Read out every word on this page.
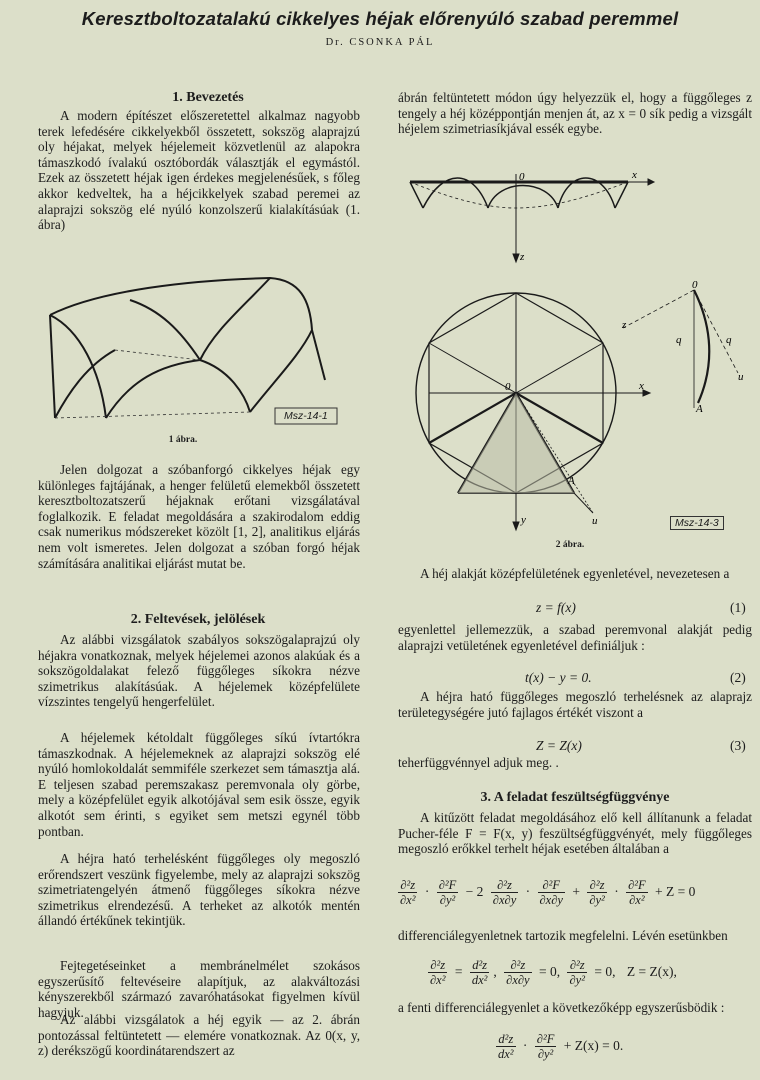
Keresztboltozatalakú cikkelyes héjak előrenyúló szabad peremmel
Dr. CSONKA PÁL
1. Bevezetés

A modern építészet előszeretettel alkalmaz nagyobb terek lefedésére cikkelyekből összetett, sokszög alaprajzú oly héjakat, melyek héjelemeit közvetlenül az alapokra támaszkodó ívalakú osztóbordák választják el egymástól. Ezek az összetett héjak igen érdekes megjelenésűek, s főleg akkor kedveltek, ha a héjcikkelyek szabad peremei az alaprajzi sokszög elé nyúló konzolszerű kialakításúak (1. ábra)

Msz-14-1
1 ábra.

Jelen dolgozat a szóbanforgó cikkelyes héjak egy különleges fajtájának, a henger felületű elemekből összetett keresztboltozatszerű héjaknak erőtani vizsgálatával foglalkozik. E feladat megoldására a szakirodalom eddig csak numerikus módszereket közölt [1, 2], analitikus eljárás nem volt ismeretes. Jelen dolgozat a szóban forgó héjak számítására analitikai eljárást mutat be.

2. Feltevések, jelölések

Az alábbi vizsgálatok szabályos sokszögalaprajzú oly héjakra vonatkoznak, melyek héjelemei azonos alakúak és a sokszögoldalakat felező függőleges síkokra nézve szimetrikus alakításúak. A héjelemek középfelülete vízszintes tengelyű hengerfelület.

A héjelemek kétoldalt függőleges síkú ívtartókra támaszkodnak. A héjelemeknek az alaprajzi sokszög elé nyúló homlokoldalát semmiféle szerkezet sem támasztja alá. E teljesen szabad peremszakasz peremvonala oly görbe, mely a középfelület egyik alkotójával sem esik össze, egyik alkotót sem érinti, s egyiket sem metszi egynél több pontban.

A héjra ható terhelésként függőleges oly megoszló erőrendszert veszünk figyelembe, mely az alaprajzi sokszög szimetriatengelyén átmenő függőleges síkokra nézve szimetrikus elrendezésű. A terheket az alkotók mentén állandó értékűnek tekintjük.

Fejtegetéseinket a membránelmélet szokásos egyszerűsítő feltevéseire alapítjuk, az alakváltozási kényszerekből származó zavaróhatásokat figyelmen kívül hagyjuk.

Az alábbi vizsgálatok a héj egyik — az 2. ábrán pontozással feltüntetett — elemére vonatkoznak. Az 0(x, y, z) derékszögű koordinátarendszert az

ábrán feltüntetett módon úgy helyezzük el, hogy a függőleges z tengely a héj középpontján menjen át, az x = 0 sík pedig a vizsgált héjelem szimetriasíkjával essék egybe.

0	x
z
0	x
y
A
u
0
z
q	q
u
A
Msz-14-3
2 ábra.

A héj alakját középfelületének egyenletével, nevezetesen a

z = f(x)	(1)

egyenlettel jellemezzük, a szabad peremvonal alakját pedig alaprajzi vetületének egyenletével definiáljuk :

t(x) − y = 0.	(2)

A héjra ható függőleges megoszló terhelésnek az alaprajz területegységére jutó fajlagos értékét viszont a

Z = Z(x)	(3)

teherfüggvénnyel adjuk meg. .

3. A feladat feszültségfüggvénye

A kitűzött feladat megoldásához elő kell állítanunk a feladat Pucher-féle F = F(x, y) feszültségfüggvényét, mely függőleges megoszló erőkkel terhelt héjak esetében általában a

$\frac{\text{∂²z}}{\text{∂x²}} \cdot \frac{\text{∂²F}}{\text{∂y²}} - 2 \frac{\text{∂²z}}{\partial x\partial y} \cdot \frac{\text{∂²F}}{\partial x\partial y} + \frac{\text{∂²z}}{\text{∂y²}} \cdot \frac{\text{∂²F}}{\text{∂x²}} + Z = 0$

differenciálegyenletnek tartozik megfelelni. Lévén esetünkben

$\frac{\text{∂²z}}{\text{∂x²}} = \frac{\text{d²z}}{\text{dx²}}$ , $\frac{\text{∂²z}}{\partial x\partial y} = 0$, $\frac{\text{∂²z}}{\text{∂y²}} = 0$, Z = Z(x),

a fenti differenciálegyenlet a következőképp egyszerűsbödik :

$\frac{\text{d²z}}{\text{dx²}} \cdot \frac{\text{∂²F}}{\text{∂y²}} + Z(x) = 0$.
